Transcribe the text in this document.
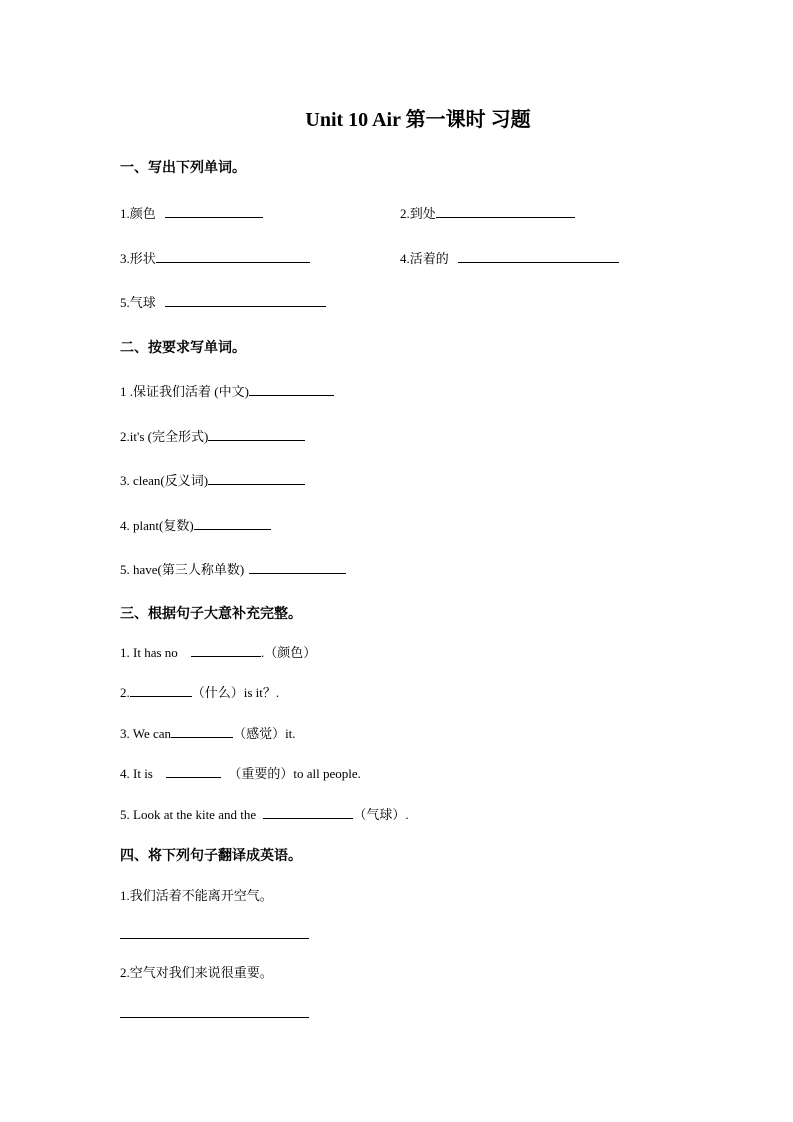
Unit 10 Air 第一课时 习题
一、写出下列单词。
1.颜色	2.到处
3.形状	4.活着的
5.气球
二、按要求写单词。
1 .保证我们活着 (中文)
2.it's (完全形式)
3. clean(反义词)
4. plant(复数)
5. have(第三人称单数)
三、根据句子大意补充完整。
1. It has no	.（颜色）
2.	（什么）is it？.
3. We can	（感觉）it.
4. It is	（重要的）to all people.
5. Look at the kite and the	（气球）.
四、将下列句子翻译成英语。
1.我们活着不能离开空气。
2.空气对我们来说很重要。
